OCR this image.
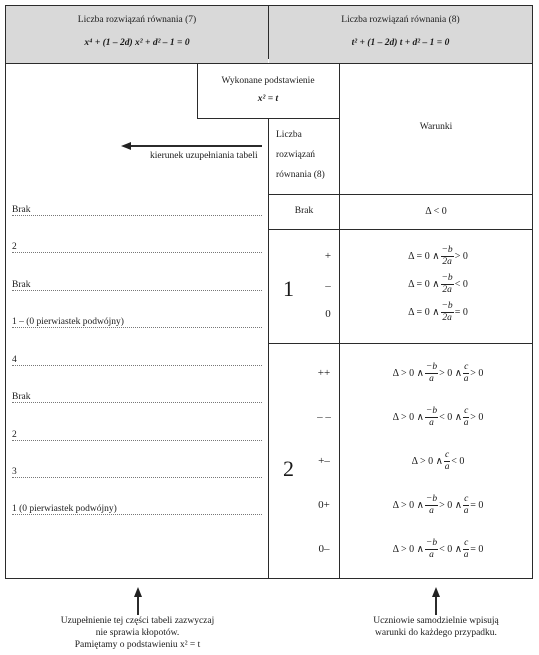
Liczba rozwiązań równania (7)
x⁴ + (1 – 2d) x² + d² – 1 = 0
Liczba rozwiązań równania (8)
t² + (1 – 2d) t + d² – 1 = 0
Wykonane podstawienie
x² = t
Liczba
rozwiązań
równania (8)
Warunki
kierunek uzupełniania tabeli
Brak
2
Brak
1 – (0 pierwiastek podwójny)
4
Brak
2
3
1 (0 pierwiastek podwójny)
Brak	Δ < 0
1
+
–
0
Δ = 0 ∧ $\frac{-b}{2a} > 0$
Δ = 0 ∧ $\frac{-b}{2a} < 0$
Δ = 0 ∧ $\frac{-b}{2a} = 0$
2
++
– –
+–
0+
0–
Δ > 0 ∧ $\frac{-b}{a} > 0$ ∧ $\frac{c}{a} > 0$
Δ > 0 ∧ $\frac{-b}{a} < 0$ ∧ $\frac{c}{a} > 0$
Δ > 0 ∧ $\frac{c}{a} < 0$
Δ > 0 ∧ $\frac{-b}{a} > 0$ ∧ $\frac{c}{a} = 0$
Δ > 0 ∧ $\frac{-b}{a} < 0$ ∧ $\frac{c}{a} = 0$
Uzupełnienie tej części tabeli zazwyczaj
nie sprawia kłopotów.
Pamiętamy o podstawieniu x² = t
Uczniowie samodzielnie wpisują
warunki do każdego przypadku.
